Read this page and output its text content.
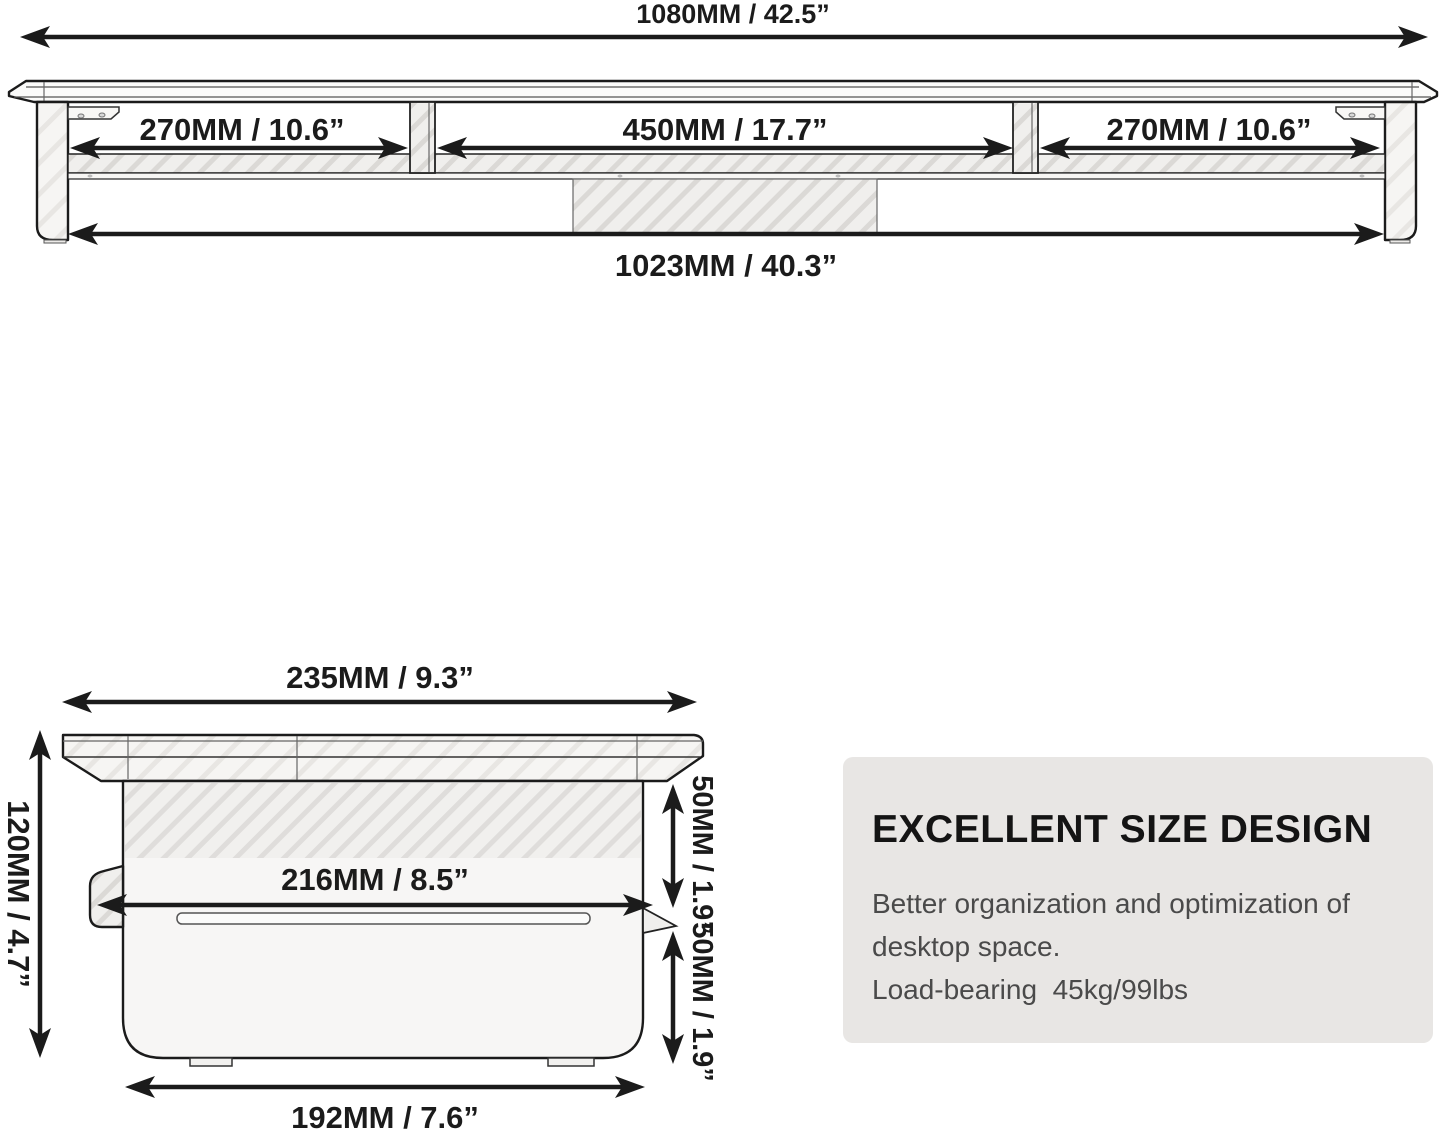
1080MM / 42.5”
270MM / 10.6”	450MM / 17.7”	270MM / 10.6”
1023MM / 40.3”
235MM / 9.3”
120MM / 4.7”	216MM / 8.5”	50MM / 1.9”
50MM / 1.9”
192MM / 7.6”
EXCELLENT SIZE DESIGN
Better organization and optimization of
desktop space.
Load-bearing  45kg/99lbs
